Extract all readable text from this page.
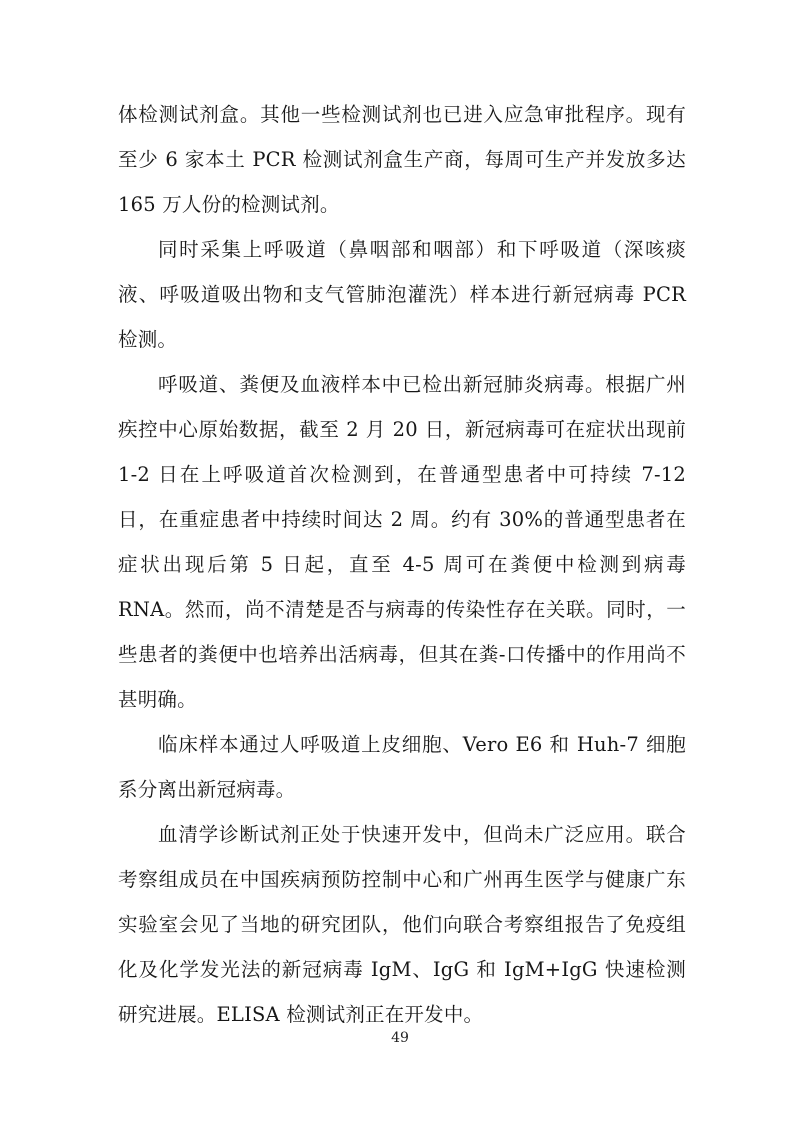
体检测试剂盒。其他一些检测试剂也已进入应急审批程序。现有至少 6 家本土 PCR 检测试剂盒生产商，每周可生产并发放多达 165 万人份的检测试剂。

同时采集上呼吸道（鼻咽部和咽部）和下呼吸道（深咳痰液、呼吸道吸出物和支气管肺泡灌洗）样本进行新冠病毒 PCR 检测。

呼吸道、粪便及血液样本中已检出新冠肺炎病毒。根据广州疾控中心原始数据，截至 2 月 20 日，新冠病毒可在症状出现前 1-2 日在上呼吸道首次检测到，在普通型患者中可持续 7-12 日，在重症患者中持续时间达 2 周。约有 30%的普通型患者在症状出现后第 5 日起，直至 4-5 周可在粪便中检测到病毒 RNA。然而，尚不清楚是否与病毒的传染性存在关联。同时，一些患者的粪便中也培养出活病毒，但其在粪-口传播中的作用尚不甚明确。

临床样本通过人呼吸道上皮细胞、Vero E6 和 Huh-7 细胞系分离出新冠病毒。

血清学诊断试剂正处于快速开发中，但尚未广泛应用。联合考察组成员在中国疾病预防控制中心和广州再生医学与健康广东实验室会见了当地的研究团队，他们向联合考察组报告了免疫组化及化学发光法的新冠病毒 IgM、IgG 和 IgM+IgG 快速检测研究进展。ELISA 检测试剂正在开发中。

49
